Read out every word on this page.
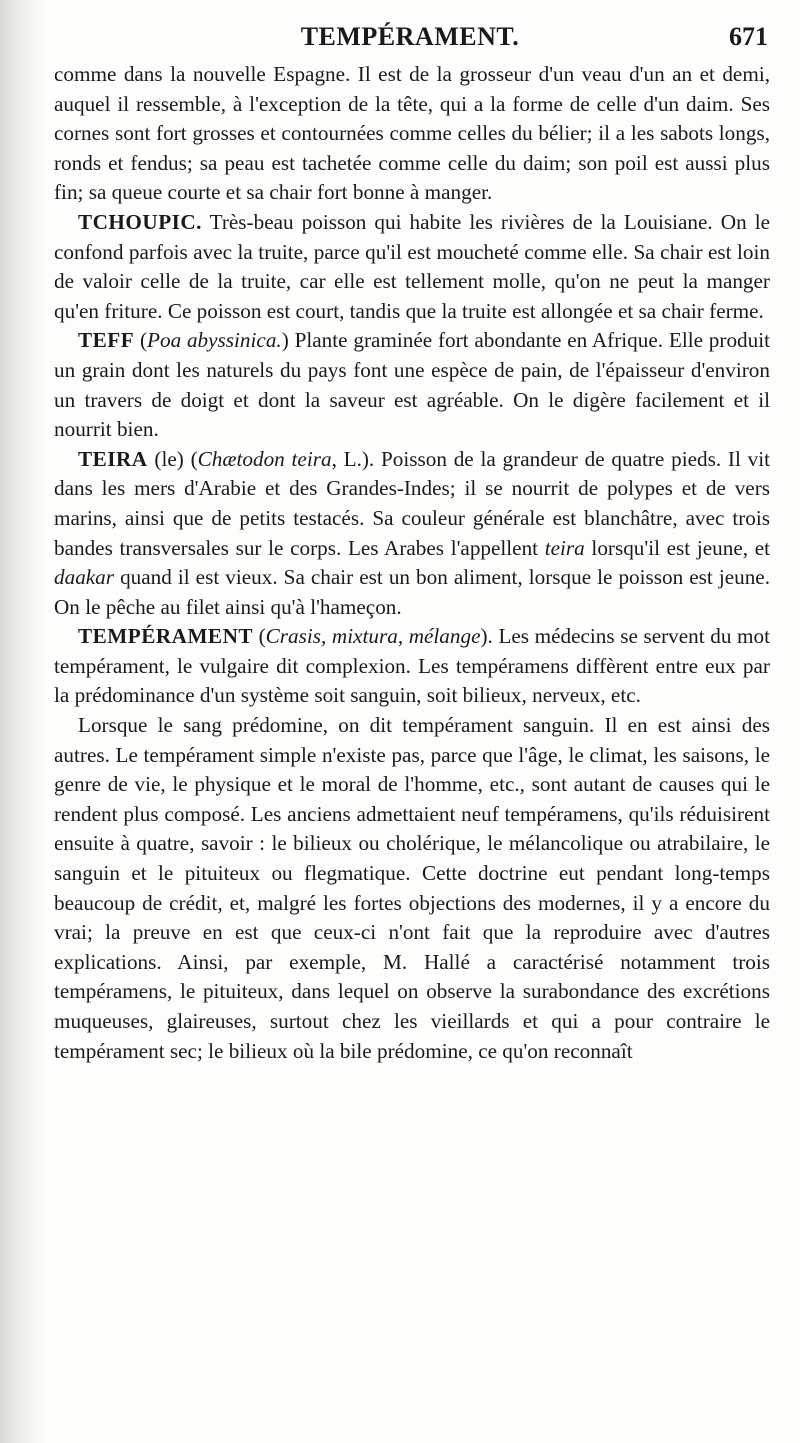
TEMPÉRAMENT.	671

comme dans la nouvelle Espagne. Il est de la grosseur d'un veau d'un an et demi, auquel il ressemble, à l'exception de la tête, qui a la forme de celle d'un daim. Ses cornes sont fort grosses et contournées comme celles du bélier; il a les sabots longs, ronds et fendus; sa peau est tachetée comme celle du daim; son poil est aussi plus fin; sa queue courte et sa chair fort bonne à manger.

TCHOUPIC. Très-beau poisson qui habite les rivières de la Louisiane. On le confond parfois avec la truite, parce qu'il est moucheté comme elle. Sa chair est loin de valoir celle de la truite, car elle est tellement molle, qu'on ne peut la manger qu'en friture. Ce poisson est court, tandis que la truite est allongée et sa chair ferme.

TEFF (Poa abyssinica.) Plante graminée fort abondante en Afrique. Elle produit un grain dont les naturels du pays font une espèce de pain, de l'épaisseur d'environ un travers de doigt et dont la saveur est agréable. On le digère facilement et il nourrit bien.

TEIRA (le) (Chætodon teira, L.). Poisson de la grandeur de quatre pieds. Il vit dans les mers d'Arabie et des Grandes-Indes; il se nourrit de polypes et de vers marins, ainsi que de petits testacés. Sa couleur générale est blanchâtre, avec trois bandes transversales sur le corps. Les Arabes l'appellent teira lorsqu'il est jeune, et daakar quand il est vieux. Sa chair est un bon aliment, lorsque le poisson est jeune. On le pêche au filet ainsi qu'à l'hameçon.

TEMPÉRAMENT (Crasis, mixtura, mélange). Les médecins se servent du mot tempérament, le vulgaire dit complexion. Les tempéramens diffèrent entre eux par la prédominance d'un système soit sanguin, soit bilieux, nerveux, etc.

Lorsque le sang prédomine, on dit tempérament sanguin. Il en est ainsi des autres. Le tempérament simple n'existe pas, parce que l'âge, le climat, les saisons, le genre de vie, le physique et le moral de l'homme, etc., sont autant de causes qui le rendent plus composé. Les anciens admettaient neuf tempéramens, qu'ils réduisirent ensuite à quatre, savoir : le bilieux ou cholérique, le mélancolique ou atrabilaire, le sanguin et le pituiteux ou flegmatique. Cette doctrine eut pendant long-temps beaucoup de crédit, et, malgré les fortes objections des modernes, il y a encore du vrai; la preuve en est que ceux-ci n'ont fait que la reproduire avec d'autres explications. Ainsi, par exemple, M. Hallé a caractérisé notamment trois tempéramens, le pituiteux, dans lequel on observe la surabondance des excrétions muqueuses, glaireuses, surtout chez les vieillards et qui a pour contraire le tempérament sec; le bilieux où la bile prédomine, ce qu'on reconnaît
